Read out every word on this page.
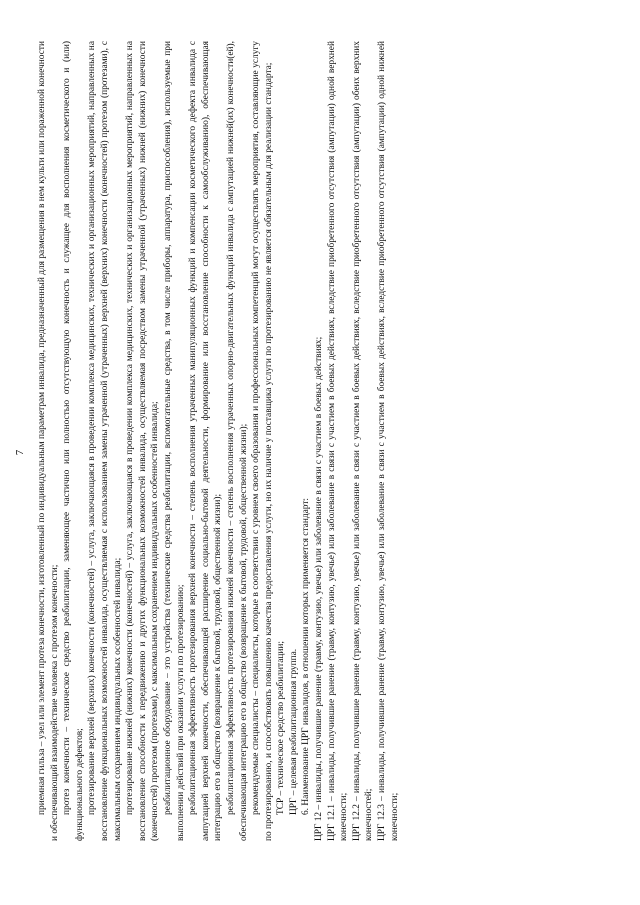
7 приемная гильза – узел или элемент протеза конечности, изготовленный по индивидуальным параметрам инвалида, предназначенный для размещения в нем культи или пораженной конечности и обеспечивающий взаимодействие человека с протезом конечности; протез конечности – техническое средство реабилитации, заменяющее частично или полностью отсутствующую конечность и служащее для восполнения косметического и (или) функционального дефектов; протезирование верхней (верхних) конечности (конечностей) – услуга, заключающаяся в проведении комплекса медицинских, технических и организационных мероприятий, направленных на восстановление функциональных возможностей инвалида, осуществляемая с использованием замены утраченной (утраченных) верхней (верхних) конечности (конечностей) протезом (протезами), с максимальным сохранением индивидуальных особенностей инвалида; протезирование нижней (нижних) конечности (конечностей) – услуга, заключающаяся в проведении комплекса медицинских, технических и организационных мероприятий, направленных на восстановление способности к передвижению и других функциональных возможностей инвалида, осуществляемая посредством замены утраченной (утраченных) нижней (нижних) конечности (конечностей) протезом (протезами), с максимальным сохранением индивидуальных особенностей инвалида; реабилитационное оборудование – это устройства (технические средства реабилитации, вспомогательные средства, в том числе приборы, аппаратура, приспособления), используемые при выполнении действий при оказании услуги по протезированию; реабилитационная эффективность протезирования верхней конечности – степень восполнения утраченных манипуляционных функций и компенсации косметического дефекта инвалида с ампутацией верхней конечности, обеспечивающей расширение социально-бытовой деятельности, формирование или восстановление способности к самообслуживанию), обеспечивающая интеграцию его в общество (возвращение к бытовой, трудовой, общественной жизни); реабилитационная эффективность протезирования нижней конечности – степень восполнения утраченных опорно-двигательных функций инвалида с ампутацией нижней(их) конечности(ей), обеспечивающая интеграцию его в общество (возвращение к бытовой, трудовой, общественной жизни); рекомендуемые специалисты – специалисты, которые в соответствии с уровнем своего образования и профессиональных компетенций могут осуществлять мероприятия, составляющие услугу по протезированию, и способствовать повышению качества предоставления услуги, но их наличие у поставщика услуги по протезированию не является обязательным для реализации стандарта; ТСР – техническое средство реабилитации; ЦРГ – целевая реабилитационная группа. 6. Наименование ЦРГ инвалидов, в отношении которых применяется стандарт: ЦРГ 12 – инвалиды, получившие ранение (травму, контузию, увечье) или заболевание в связи с участием в боевых действиях; ЦРГ 12.1 – инвалиды, получившие ранение (травму, контузию, увечье) или заболевание в связи с участием в боевых действиях, вследствие приобретенного отсутствия (ампутации) одной верхней конечности; ЦРГ 12.2 – инвалиды, получившие ранение (травму, контузию, увечье) или заболевание в связи с участием в боевых действиях, вследствие приобретенного отсутствия (ампутации) обеих верхних конечностей; ЦРГ 12.3 – инвалиды, получившие ранение (травму, контузию, увечье) или заболевание в связи с участием в боевых действиях, вследствие приобретенного отсутствия (ампутации) одной нижней конечности;
